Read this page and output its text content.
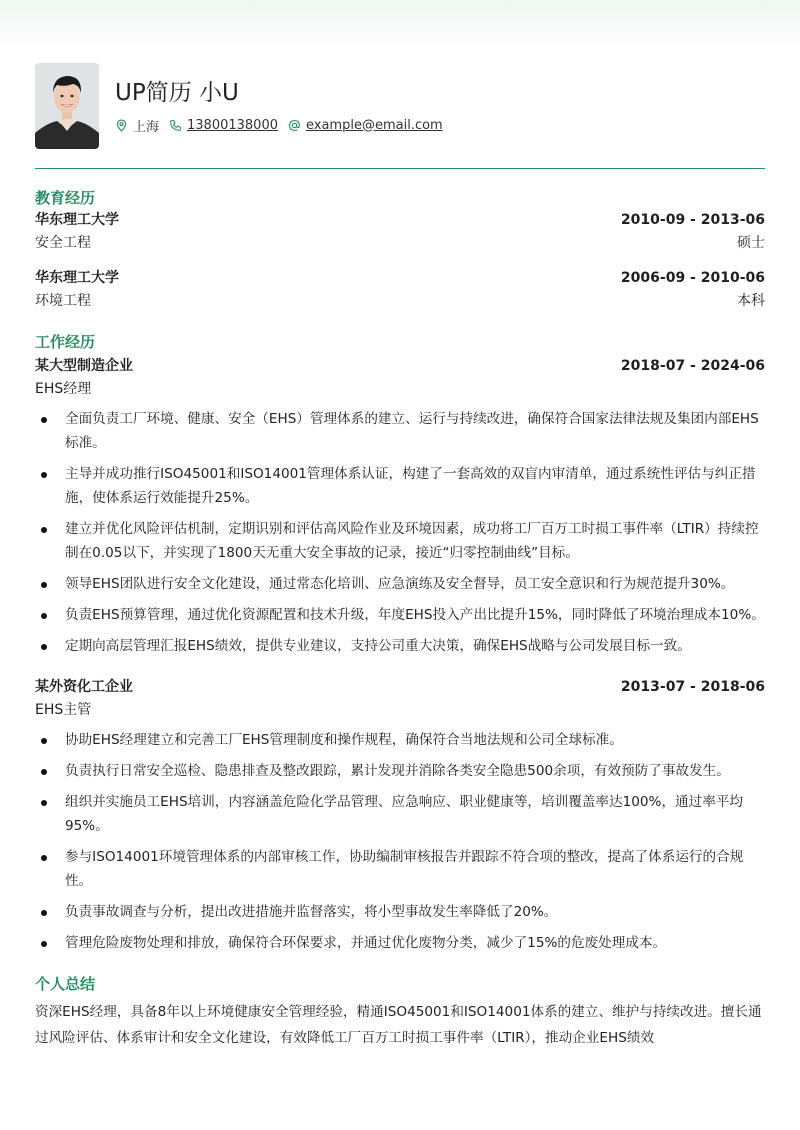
UP简历 小U
上海 13800138000 example@email.com
教育经历
华东理工大学	2010-09 - 2013-06
安全工程	硕士
华东理工大学	2006-09 - 2010-06
环境工程	本科
工作经历
某大型制造企业	2018-07 - 2024-06
EHS经理
全面负责工厂环境、健康、安全（EHS）管理体系的建立、运行与持续改进，确保符合国家法律法规及集团内部EHS标准。
主导并成功推行ISO45001和ISO14001管理体系认证，构建了一套高效的双盲内审清单，通过系统性评估与纠正措施，使体系运行效能提升25%。
建立并优化风险评估机制，定期识别和评估高风险作业及环境因素，成功将工厂百万工时损工事件率（LTIR）持续控制在0.05以下，并实现了1800天无重大安全事故的记录，接近“归零控制曲线”目标。
领导EHS团队进行安全文化建设，通过常态化培训、应急演练及安全督导，员工安全意识和行为规范提升30%。
负责EHS预算管理，通过优化资源配置和技术升级，年度EHS投入产出比提升15%，同时降低了环境治理成本10%。
定期向高层管理汇报EHS绩效，提供专业建议，支持公司重大决策，确保EHS战略与公司发展目标一致。
某外资化工企业	2013-07 - 2018-06
EHS主管
协助EHS经理建立和完善工厂EHS管理制度和操作规程，确保符合当地法规和公司全球标准。
负责执行日常安全巡检、隐患排查及整改跟踪，累计发现并消除各类安全隐患500余项，有效预防了事故发生。
组织并实施员工EHS培训，内容涵盖危险化学品管理、应急响应、职业健康等，培训覆盖率达100%，通过率平均95%。
参与ISO14001环境管理体系的内部审核工作，协助编制审核报告并跟踪不符合项的整改，提高了体系运行的合规性。
负责事故调查与分析，提出改进措施并监督落实，将小型事故发生率降低了20%。
管理危险废物处理和排放，确保符合环保要求，并通过优化废物分类，减少了15%的危废处理成本。
个人总结
资深EHS经理，具备8年以上环境健康安全管理经验，精通ISO45001和ISO14001体系的建立、维护与持续改进。擅长通过风险评估、体系审计和安全文化建设，有效降低工厂百万工时损工事件率（LTIR），推动企业EHS绩效
